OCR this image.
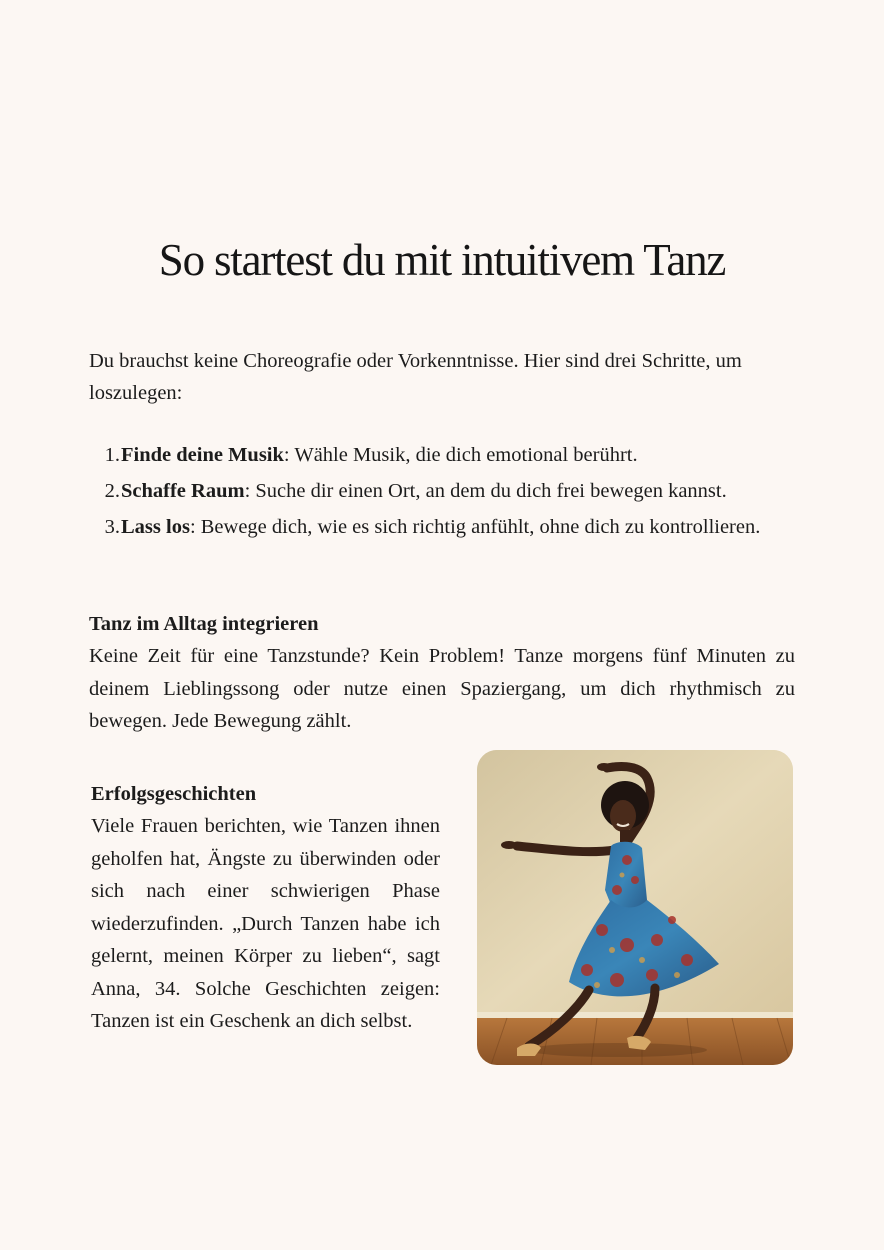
So startest du mit intuitivem Tanz

Du brauchst keine Choreografie oder Vorkenntnisse. Hier sind drei Schritte, um loszulegen:

1. Finde deine Musik: Wähle Musik, die dich emotional berührt.
2. Schaffe Raum: Suche dir einen Ort, an dem du dich frei bewegen kannst.
3. Lass los: Bewege dich, wie es sich richtig anfühlt, ohne dich zu kontrollieren.
Tanz im Alltag integrieren

Keine Zeit für eine Tanzstunde? Kein Problem! Tanze morgens fünf Minuten zu deinem Lieblingssong oder nutze einen Spaziergang, um dich rhythmisch zu bewegen. Jede Bewegung zählt.

Erfolgsgeschichten

Viele Frauen berichten, wie Tanzen ihnen geholfen hat, Ängste zu überwinden oder sich nach einer schwierigen Phase wiederzufinden. „Durch Tanzen habe ich gelernt, meinen Körper zu lieben“, sagt Anna, 34. Solche Geschichten zeigen: Tanzen ist ein Geschenk an dich selbst.
